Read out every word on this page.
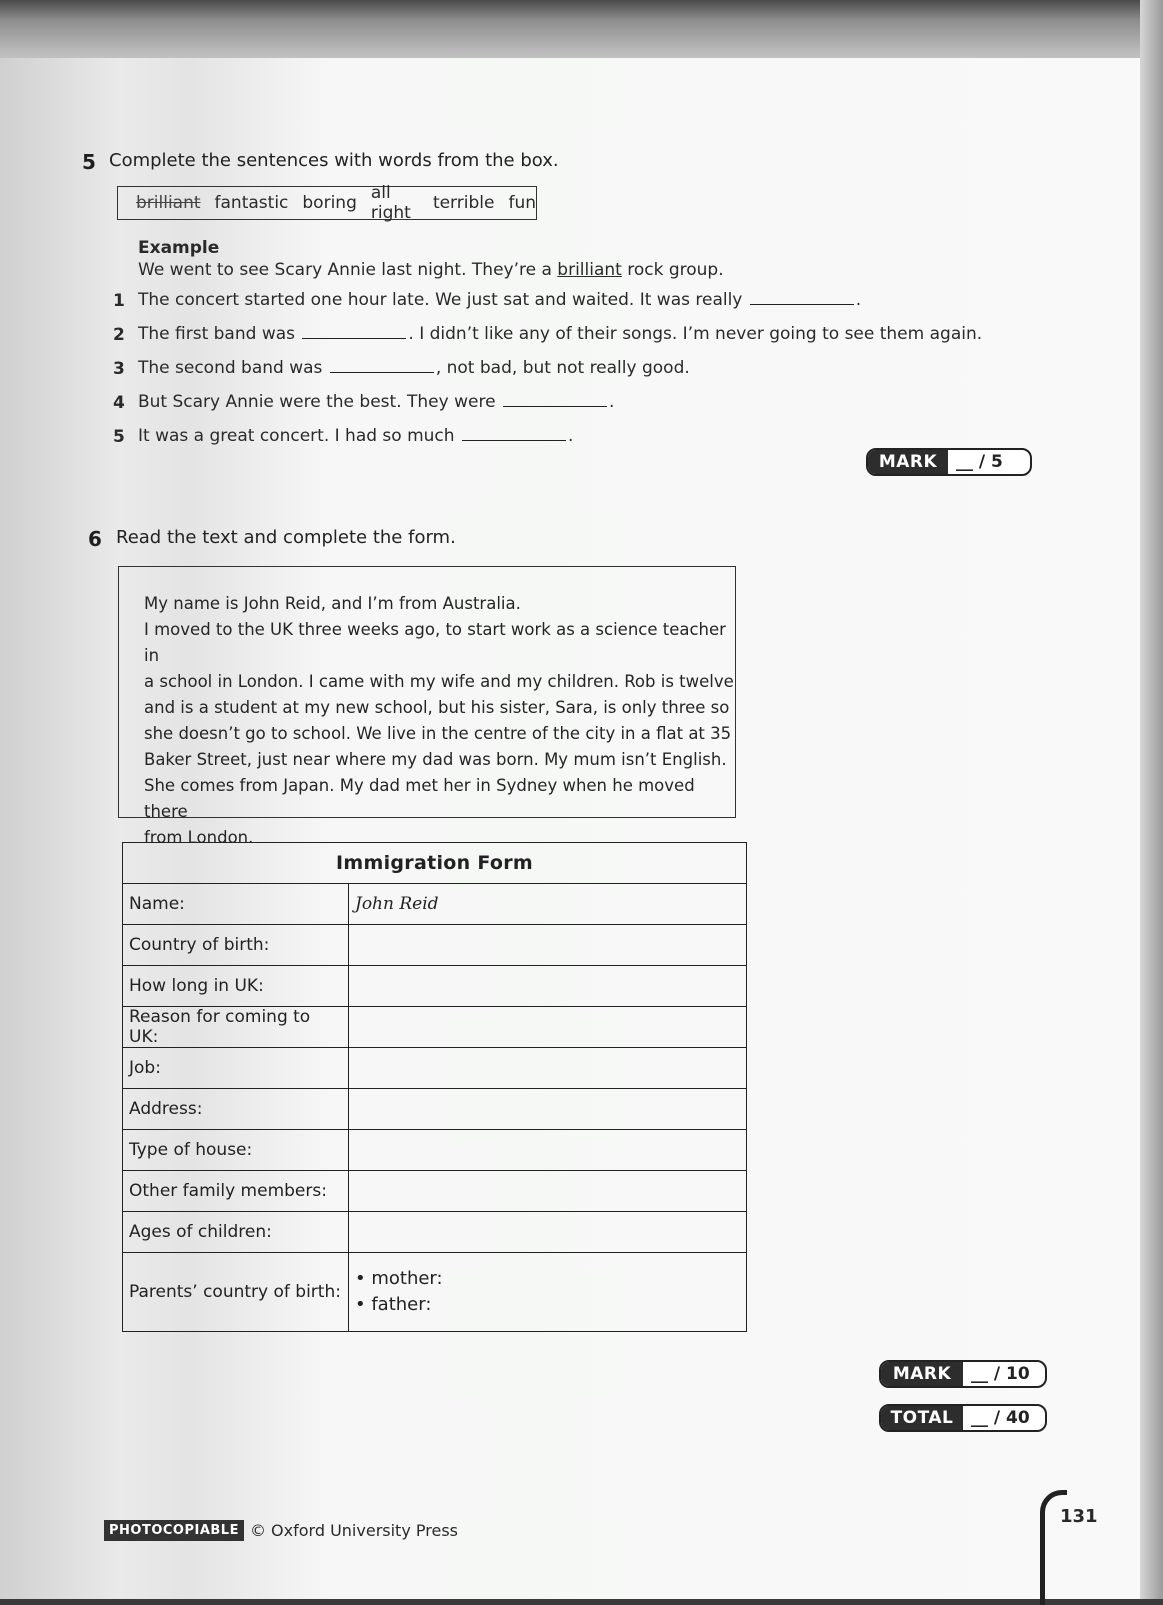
5 Complete the sentences with words from the box.
brilliant fantastic boring all right	terrible fun
Example
We went to see Scary Annie last night. They’re a brilliant rock group.
1 The concert started one hour late. We just sat and waited. It was really	.
2 The first band was	. I didn’t like any of their songs. I’m never going to see them again.
3 The second band was	, not bad, but not really good.
4 But Scary Annie were the best. They were	.
5 It was a great concert. I had so much	.
MARK	__ / 5
6 Read the text and complete the form.
My name is John Reid, and I’m from Australia.
I moved to the UK three weeks ago, to start work as a science teacher in
a school in London. I came with my wife and my children. Rob is twelve
and is a student at my new school, but his sister, Sara, is only three so
she doesn’t go to school. We live in the centre of the city in a flat at 35
Baker Street, just near where my dad was born. My mum isn’t English.
She comes from Japan. My dad met her in Sydney when he moved there
from London.
Immigration Form	
Name:	John Reid
Country of birth:	
How long in UK:	
Reason for coming to UK:	
Job:	
Address:	
Type of house:	
Other family members:	
Ages of children:	
Parents’ country of birth:	• mother:
• father:
MARK	__ / 10
TOTAL	__ / 40
PHOTOCOPIABLE © Oxford University Press
131
